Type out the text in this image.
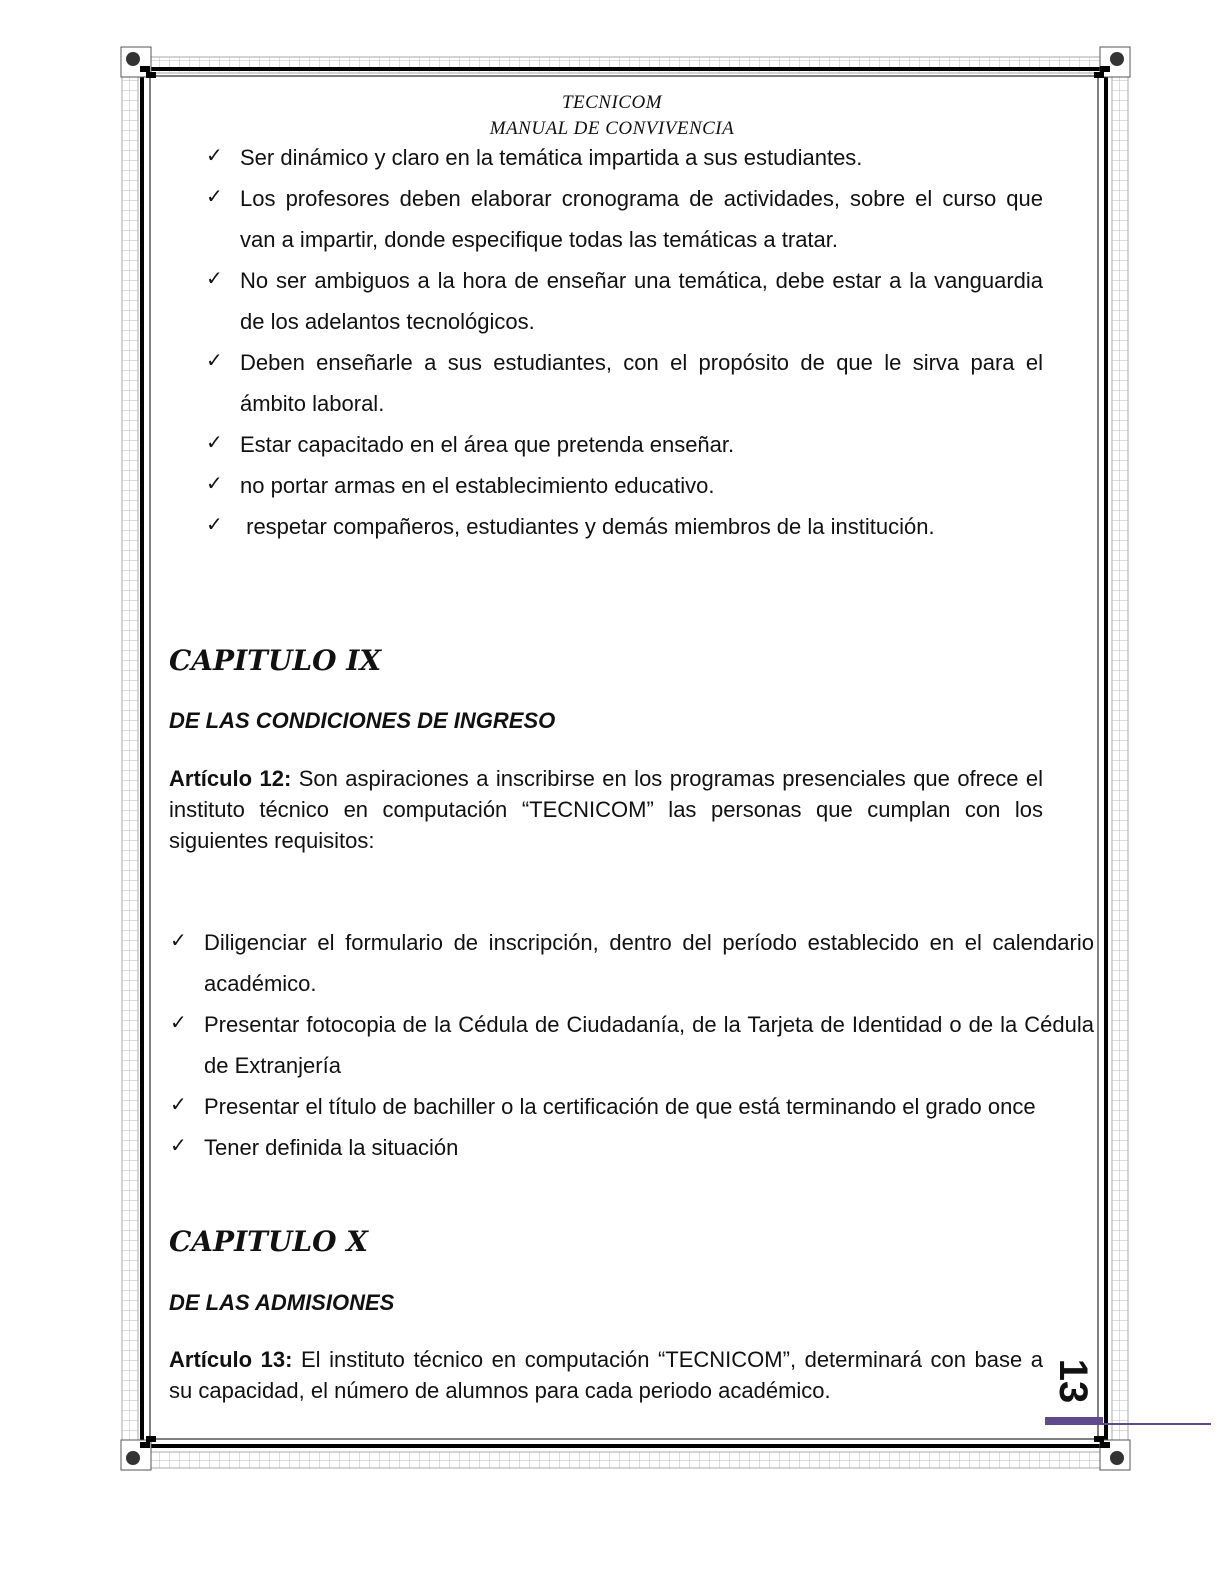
TECNICOM
MANUAL DE CONVIVENCIA
✓ Ser dinámico y claro en la temática impartida a sus estudiantes.
✓ Los profesores deben elaborar cronograma de actividades, sobre el curso que van a impartir, donde especifique todas las temáticas a tratar.
✓ No ser ambiguos a la hora de enseñar una temática, debe estar a la vanguardia de los adelantos tecnológicos.
✓ Deben enseñarle a sus estudiantes, con el propósito de que le sirva para el ámbito laboral.
✓ Estar capacitado en el área que pretenda enseñar.
✓ no portar armas en el establecimiento educativo.
✓ respetar compañeros, estudiantes y demás miembros de la institución.
CAPITULO IX
DE LAS CONDICIONES DE INGRESO

Artículo 12: Son aspiraciones a inscribirse en los programas presenciales que ofrece el instituto técnico en computación “TECNICOM” las personas que cumplan con los siguientes requisitos:

✓ Diligenciar el formulario de inscripción, dentro del período establecido en el calendario académico.
✓ Presentar fotocopia de la Cédula de Ciudadanía, de la Tarjeta de Identidad o de la Cédula de Extranjería
✓ Presentar el título de bachiller o la certificación de que está terminando el grado once
✓ Tener definida la situación
CAPITULO X
DE LAS ADMISIONES

Artículo 13: El instituto técnico en computación “TECNICOM”, determinará con base a su capacidad, el número de alumnos para cada periodo académico.	13
